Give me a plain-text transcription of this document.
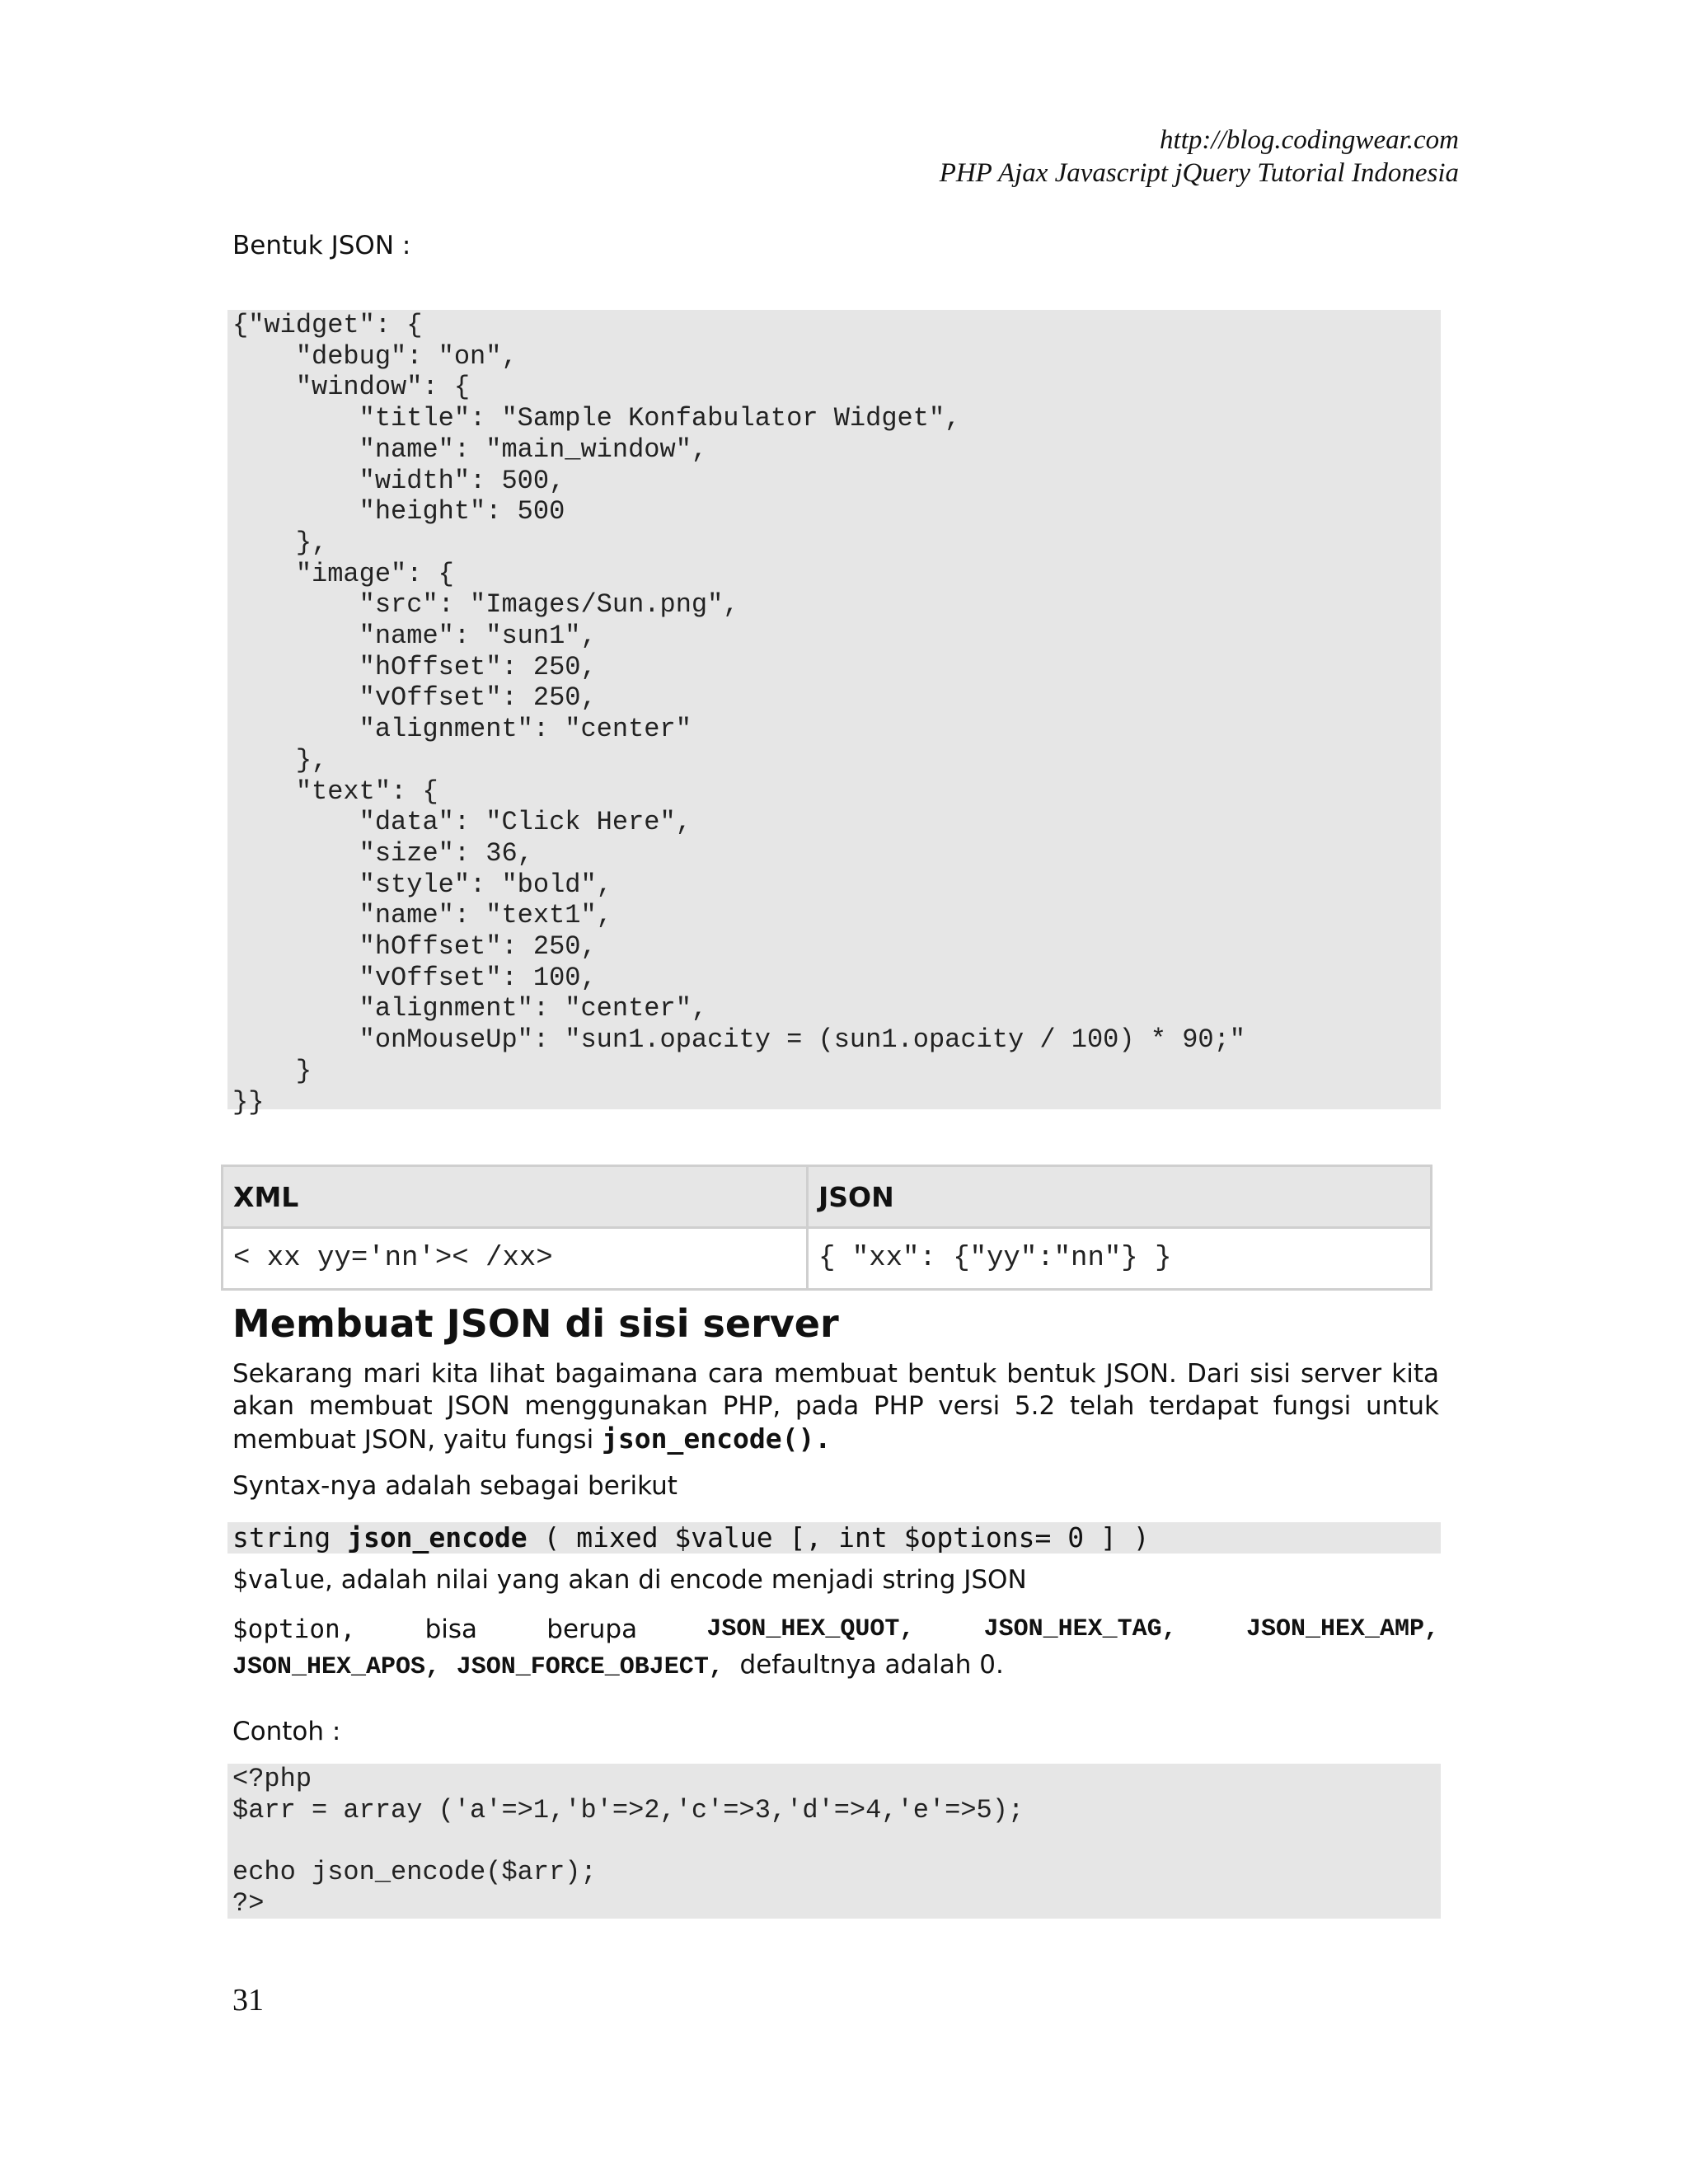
http://blog.codingwear.com
PHP Ajax Javascript jQuery Tutorial Indonesia
Bentuk JSON :
{"widget": {
"debug": "on",
"window": {
"title": "Sample Konfabulator Widget",
"name": "main_window",
"width": 500,
"height": 500
},
"image": {
"src": "Images/Sun.png",
"name": "sun1",
"hOffset": 250,
"vOffset": 250,
"alignment": "center"
},
"text": {
"data": "Click Here",
"size": 36,
"style": "bold",
"name": "text1",
"hOffset": 250,
"vOffset": 100,
"alignment": "center",
"onMouseUp": "sun1.opacity = (sun1.opacity / 100) * 90;"
}
}}
XML	JSON
< xx yy='nn'>< /xx>	{ "xx": {"yy":"nn"} }
Membuat JSON di sisi server
Sekarang mari kita lihat bagaimana cara membuat bentuk bentuk JSON. Dari sisi server kita akan membuat JSON menggunakan PHP, pada PHP versi 5.2 telah terdapat fungsi untuk membuat JSON, yaitu fungsi json_encode().
Syntax-nya adalah sebagai berikut
string json_encode ( mixed $value [, int $options= 0 ] )
$value, adalah nilai yang akan di encode menjadi string JSON
$option,	bisa	berupa	JSON_HEX_QUOT,	JSON_HEX_TAG,	JSON_HEX_AMP,
JSON_HEX_APOS, JSON_FORCE_OBJECT, defaultnya adalah 0.
Contoh :
<?php
$arr = array ('a'=>1,'b'=>2,'c'=>3,'d'=>4,'e'=>5);

echo json_encode($arr);
?>
31
